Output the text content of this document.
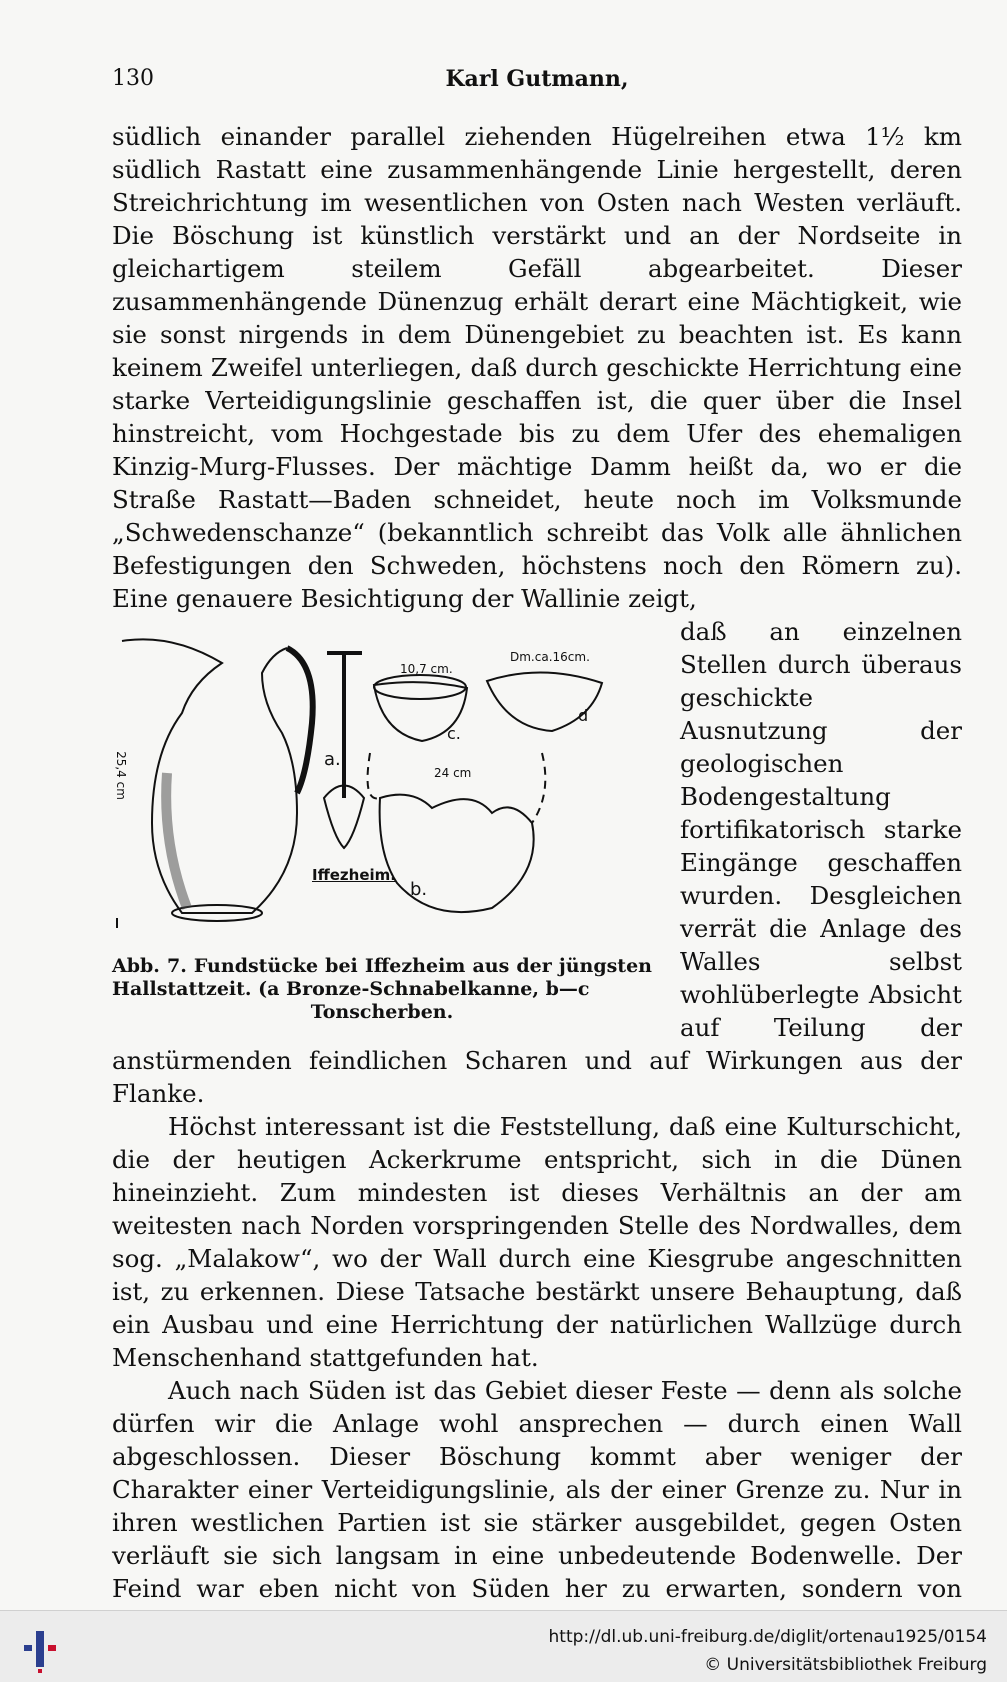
130	Karl Gutmann,

südlich einander parallel ziehenden Hügelreihen etwa 1½ km südlich Rastatt eine zusammenhängende Linie hergestellt, deren Streichrichtung im wesentlichen von Osten nach Westen verläuft. Die Böschung ist künstlich verstärkt und an der Nordseite in gleichartigem steilem Gefäll abgearbeitet. Dieser zusammenhängende Dünenzug erhält derart eine Mächtigkeit, wie sie sonst nirgends in dem Dünengebiet zu beachten ist. Es kann keinem Zweifel unterliegen, daß durch geschickte Herrichtung eine starke Verteidigungslinie geschaffen ist, die quer über die Insel hinstreicht, vom Hochgestade bis zu dem Ufer des ehemaligen Kinzig-Murg-Flusses. Der mächtige Damm heißt da, wo er die Straße Rastatt—Baden schneidet, heute noch im Volksmunde „Schwedenschanze“ (bekanntlich schreibt das Volk alle ähnlichen Befestigungen den Schweden, höchstens noch den Römern zu). Eine genauere Besichtigung der Wallinie zeigt,

a.
b.
c.
d
25,4 cm
10,7 cm.
Dm.ca.16cm.
24 cm
Iffezheim.
Abb. 7. Fundstücke bei Iffezheim aus der jüngsten Hallstattzeit. (a Bronze-Schnabelkanne, b—c
Tonscherben.

daß an einzelnen Stellen durch überaus geschickte Ausnutzung der geologischen Bodengestaltung fortifikatorisch starke Eingänge geschaffen wurden. Desgleichen verrät die Anlage des Walles selbst wohlüberlegte Absicht auf Teilung der anstürmenden feindlichen Scharen und auf Wirkungen aus der Flanke.

Höchst interessant ist die Feststellung, daß eine Kulturschicht, die der heutigen Ackerkrume entspricht, sich in die Dünen hineinzieht. Zum mindesten ist dieses Verhältnis an der am weitesten nach Norden vorspringenden Stelle des Nordwalles, dem sog. „Malakow“, wo der Wall durch eine Kiesgrube angeschnitten ist, zu erkennen. Diese Tatsache bestärkt unsere Behauptung, daß ein Ausbau und eine Herrichtung der natürlichen Wallzüge durch Menschenhand stattgefunden hat.

Auch nach Süden ist das Gebiet dieser Feste — denn als solche dürfen wir die Anlage wohl ansprechen — durch einen Wall abgeschlossen. Dieser Böschung kommt aber weniger der Charakter einer Verteidigungslinie, als der einer Grenze zu. Nur in ihren westlichen Partien ist sie stärker ausgebildet, gegen Osten verläuft sie sich langsam in eine unbedeutende Bodenwelle. Der Feind war eben nicht von Süden her zu erwarten, sondern von

http://dl.ub.uni-freiburg.de/diglit/ortenau1925/0154
© Universitätsbibliothek Freiburg
